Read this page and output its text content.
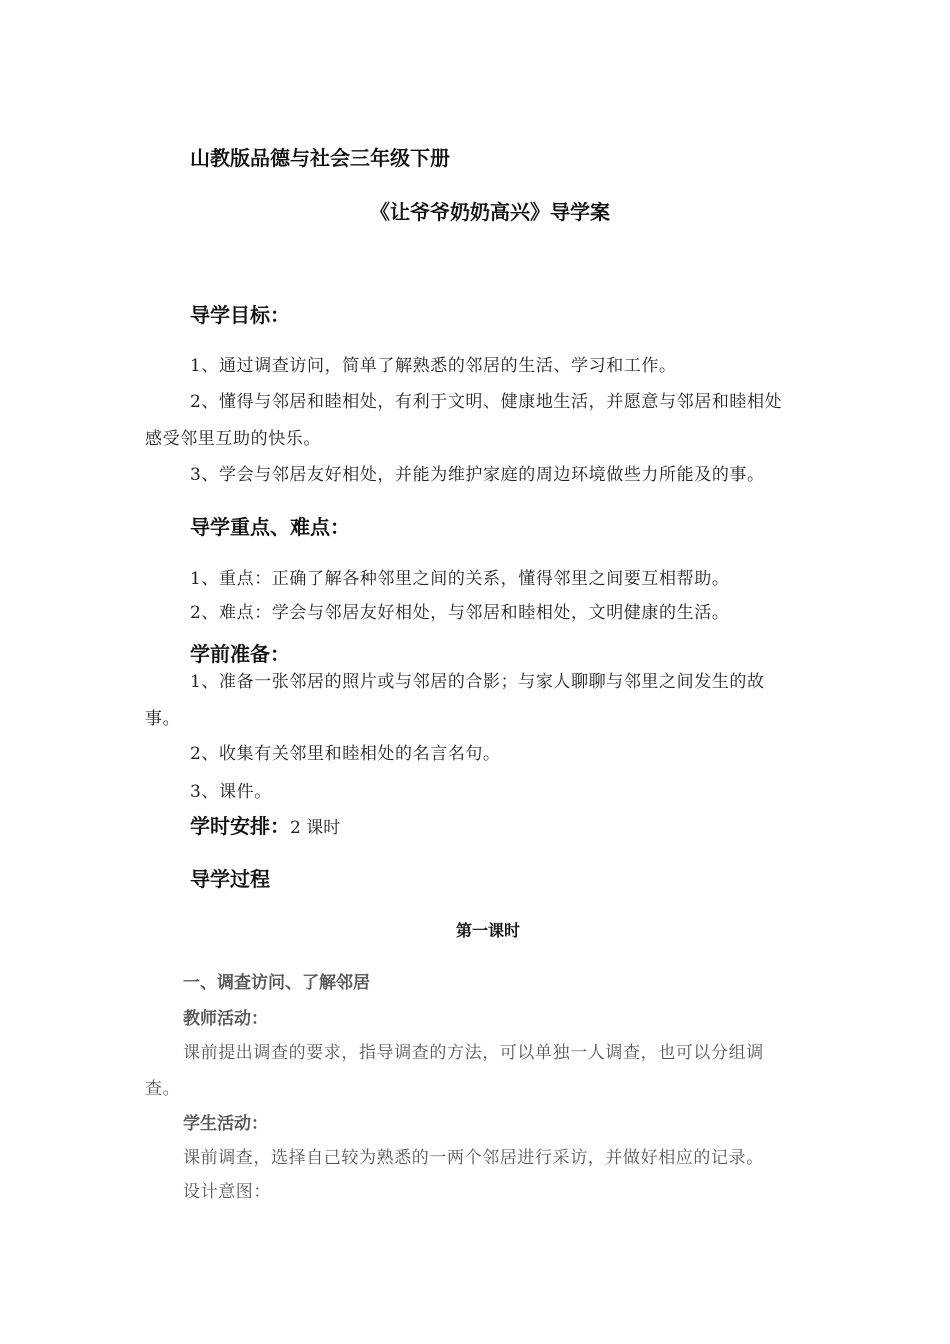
山教版品德与社会三年级下册
《让爷爷奶奶高兴》导学案
导学目标：
1、通过调查访问，简单了解熟悉的邻居的生活、学习和工作。
2、懂得与邻居和睦相处，有利于文明、健康地生活，并愿意与邻居和睦相处
感受邻里互助的快乐。
3、学会与邻居友好相处，并能为维护家庭的周边环境做些力所能及的事。
导学重点、难点：
1、重点：正确了解各种邻里之间的关系，懂得邻里之间要互相帮助。
2、难点：学会与邻居友好相处，与邻居和睦相处，文明健康的生活。
学前准备：
1、准备一张邻居的照片或与邻居的合影；与家人聊聊与邻里之间发生的故
事。
2、收集有关邻里和睦相处的名言名句。
3、课件。
学时安排：2 课时
导学过程
第一课时
一、调查访问、了解邻居
教师活动：
课前提出调查的要求，指导调查的方法，可以单独一人调查，也可以分组调
查。
学生活动：
课前调查，选择自己较为熟悉的一两个邻居进行采访，并做好相应的记录。
设计意图：
